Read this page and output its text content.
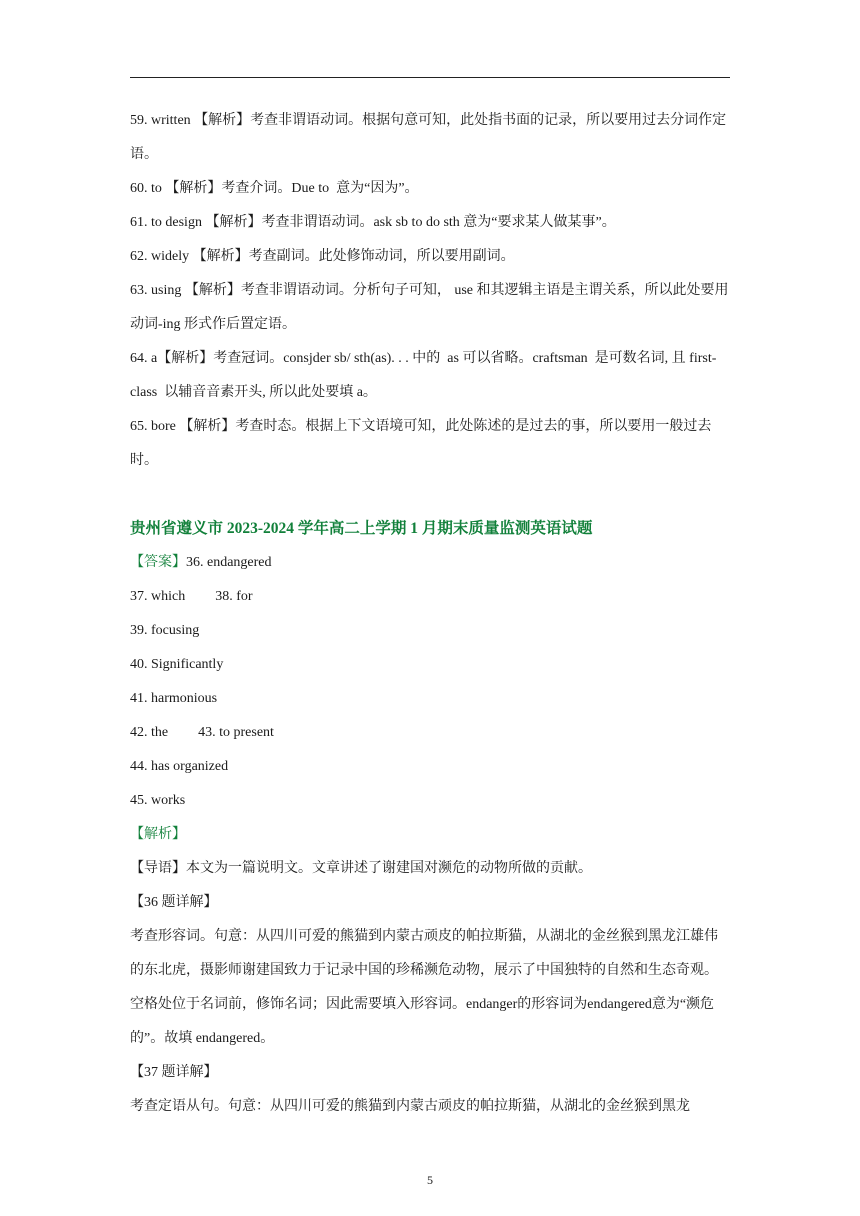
59. written 【解析】考查非谓语动词。根据句意可知，此处指书面的记录，所以要用过去分词作定语。

60. to 【解析】考查介词。Due to  意为“因为”。

61. to design 【解析】考查非谓语动词。ask sb to do sth 意为“要求某人做某事”。

62. widely 【解析】考查副词。此处修饰动词，所以要用副词。

63. using 【解析】考查非谓语动词。分析句子可知， use 和其逻辑主语是主谓关系，所以此处要用动词-ing 形式作后置定语。

64. a【解析】考查冠词。consjder sb/ sth(as). . . 中的  as 可以省略。craftsman  是可数名词, 且 first-class  以辅音音素开头, 所以此处要填 a。

65. bore 【解析】考查时态。根据上下文语境可知，此处陈述的是过去的事，所以要用一般过去时。

贵州省遵义市 2023-2024 学年高二上学期 1 月期末质量监测英语试题

【答案】36. endangered

37. which 38. for

39. focusing

40. Significantly

41. harmonious

42. the 43. to present

44. has organized

45. works

【解析】

【导语】本文为一篇说明文。文章讲述了谢建国对濒危的动物所做的贡献。

【36 题详解】

考查形容词。句意：从四川可爱的熊猫到内蒙古顽皮的帕拉斯猫，从湖北的金丝猴到黑龙江雄伟的东北虎，摄影师谢建国致力于记录中国的珍稀濒危动物，展示了中国独特的自然和生态奇观。空格处位于名词前，修饰名词；因此需要填入形容词。endanger的形容词为endangered意为“濒危的”。故填 endangered。

【37 题详解】

考查定语从句。句意：从四川可爱的熊猫到内蒙古顽皮的帕拉斯猫，从湖北的金丝猴到黑龙

5
